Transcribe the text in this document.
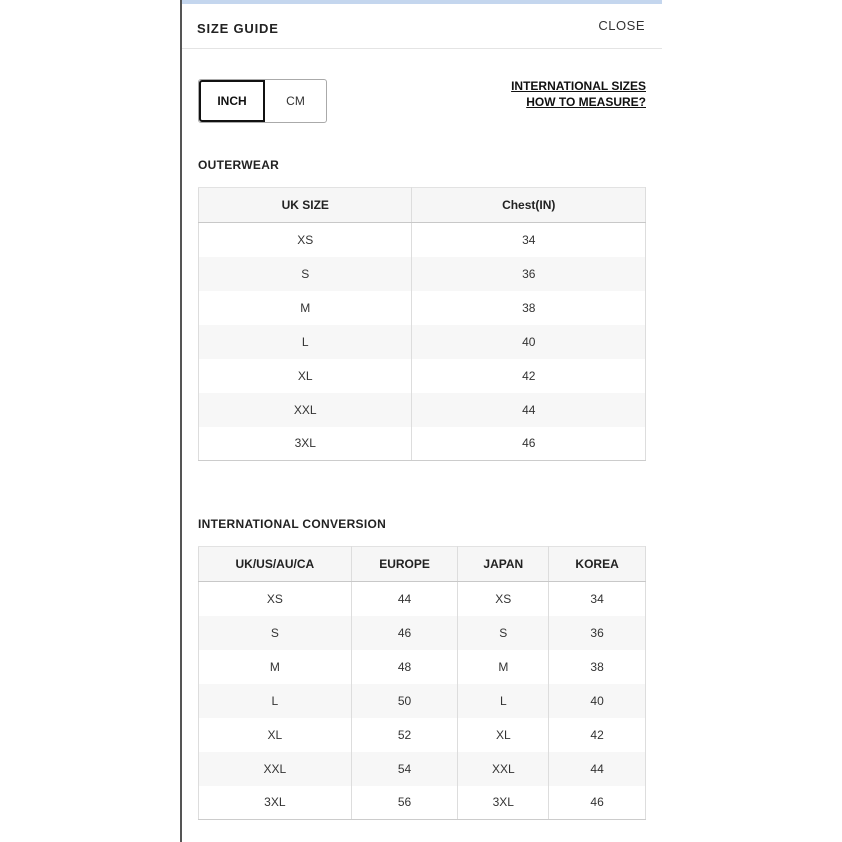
SIZE GUIDE	CLOSE
INCH	CM
INTERNATIONAL SIZES
HOW TO MEASURE?
OUTERWEAR
UK SIZE	Chest(IN)
XS	34
S	36
M	38
L	40
XL	42
XXL	44
3XL	46
INTERNATIONAL CONVERSION
UK/US/AU/CA	EUROPE	JAPAN	KOREA
XS	44	XS	34
S	46	S	36
M	48	M	38
L	50	L	40
XL	52	XL	42
XXL	54	XXL	44
3XL	56	3XL	46
